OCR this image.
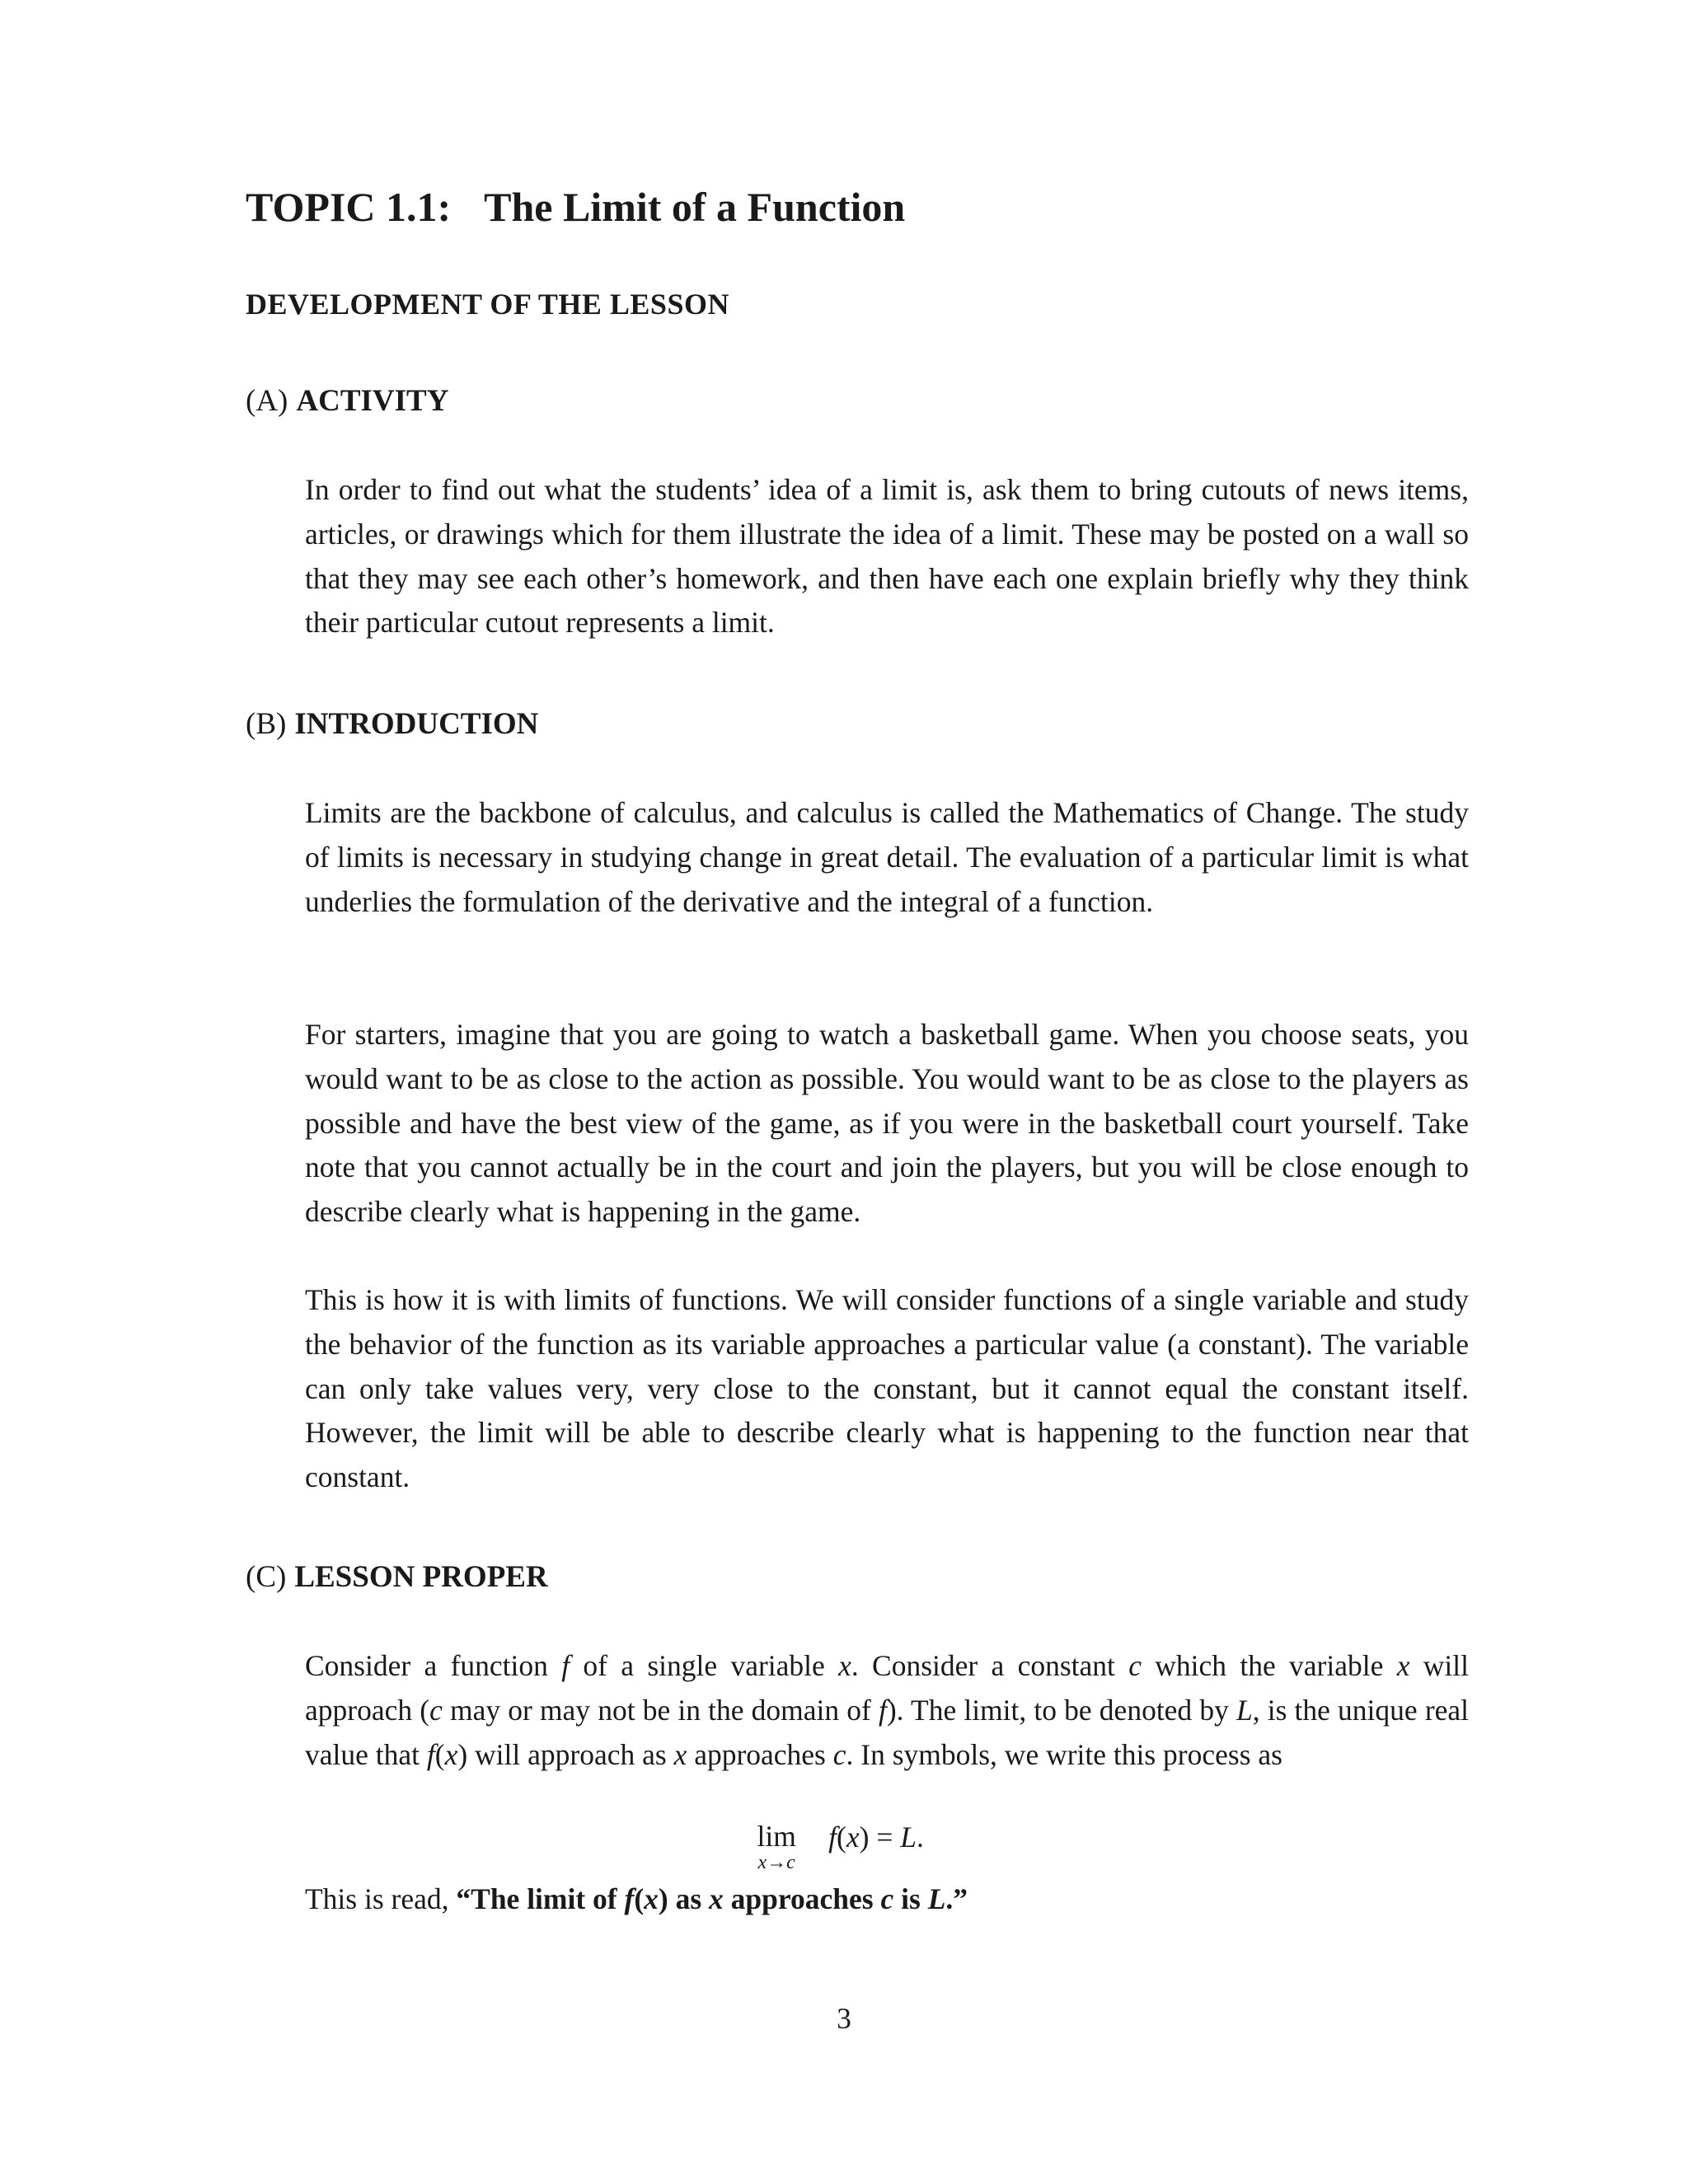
TOPIC 1.1: The Limit of a Function
DEVELOPMENT OF THE LESSON
(A) ACTIVITY

In order to find out what the students’ idea of a limit is, ask them to bring cutouts of news items, articles, or drawings which for them illustrate the idea of a limit. These may be posted on a wall so that they may see each other’s homework, and then have each one explain briefly why they think their particular cutout represents a limit.

(B) INTRODUCTION

Limits are the backbone of calculus, and calculus is called the Mathematics of Change. The study of limits is necessary in studying change in great detail. The evaluation of a particular limit is what underlies the formulation of the derivative and the integral of a function.

For starters, imagine that you are going to watch a basketball game. When you choose seats, you would want to be as close to the action as possible. You would want to be as close to the players as possible and have the best view of the game, as if you were in the basketball court yourself. Take note that you cannot actually be in the court and join the players, but you will be close enough to describe clearly what is happening in the game.

This is how it is with limits of functions. We will consider functions of a single variable and study the behavior of the function as its variable approaches a particular value (a constant). The variable can only take values very, very close to the constant, but it cannot equal the constant itself. However, the limit will be able to describe clearly what is happening to the function near that constant.

(C) LESSON PROPER

Consider a function f of a single variable x. Consider a constant c which the variable x will approach (c may or may not be in the domain of f). The limit, to be denoted by L, is the unique real value that f(x) will approach as x approaches c. In symbols, we write this process as

lim
x→c
f(x) = L.

This is read, “The limit of f(x) as x approaches c is L.”

3
